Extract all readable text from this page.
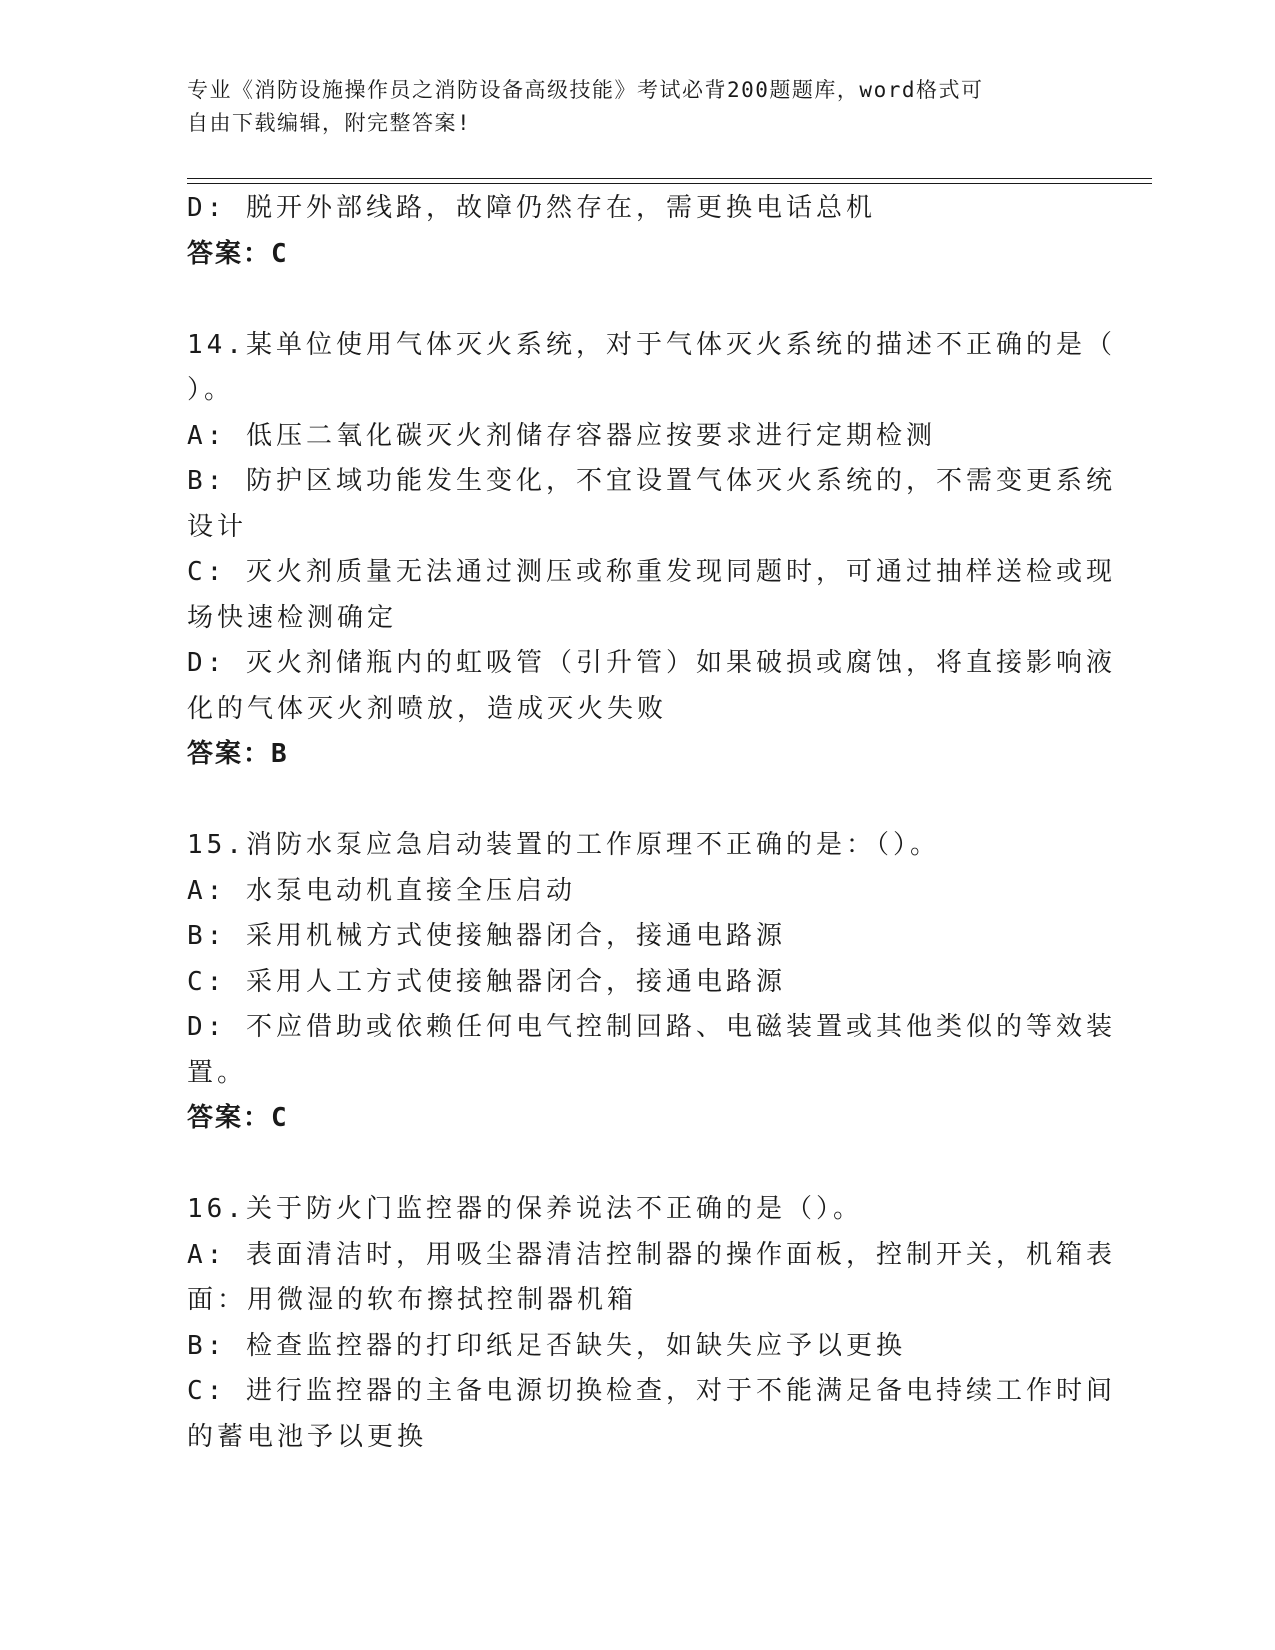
专业《消防设施操作员之消防设备高级技能》考试必背200题题库，word格式可
自由下载编辑，附完整答案!
D: 脱开外部线路，故障仍然存在，需更换电话总机
答案：C
14.某单位使用气体灭火系统，对于气体灭火系统的描述不正确的是（
）。
A: 低压二氧化碳灭火剂储存容器应按要求进行定期检测
B: 防护区域功能发生变化，不宜设置气体灭火系统的，不需变更系统
设计
C: 灭火剂质量无法通过测压或称重发现同题时，可通过抽样送检或现
场快速检测确定
D: 灭火剂储瓶内的虹吸管（引升管）如果破损或腐蚀，将直接影响液
化的气体灭火剂喷放，造成灭火失败
答案：B
15.消防水泵应急启动装置的工作原理不正确的是：（）。
A: 水泵电动机直接全压启动
B: 采用机械方式使接触器闭合，接通电路源
C: 采用人工方式使接触器闭合，接通电路源
D: 不应借助或依赖任何电气控制回路、电磁装置或其他类似的等效装
置。
答案：C
16.关于防火门监控器的保养说法不正确的是（）。
A: 表面清洁时，用吸尘器清洁控制器的操作面板，控制开关，机箱表
面：用微湿的软布擦拭控制器机箱
B: 检查监控器的打印纸足否缺失，如缺失应予以更换
C: 进行监控器的主备电源切换检查，对于不能满足备电持续工作时间
的蓄电池予以更换
